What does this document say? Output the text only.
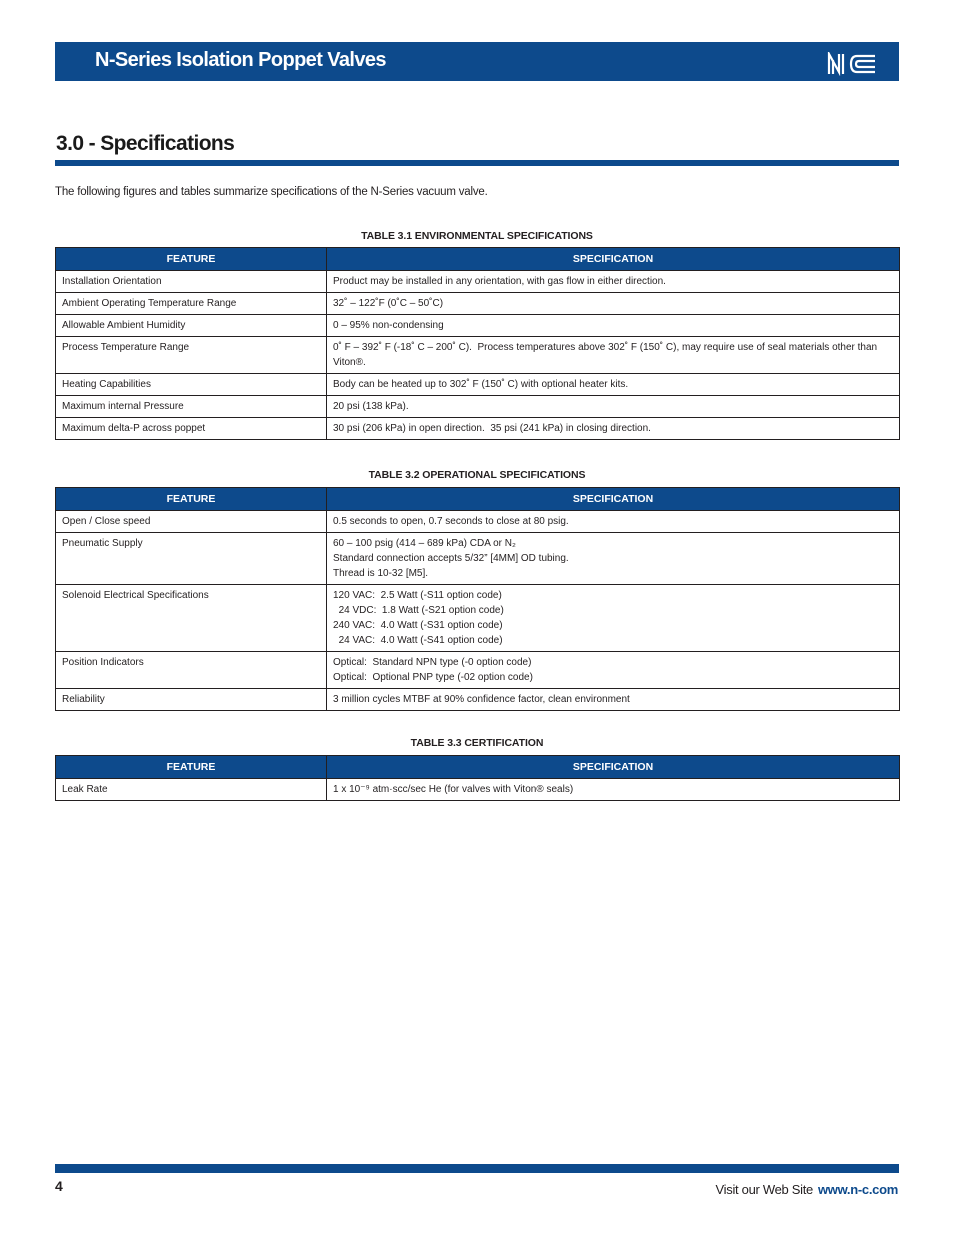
N-Series Isolation Poppet Valves
3.0 - Specifications
The following figures and tables summarize specifications of the N-Series vacuum valve.
TABLE 3.1 ENVIRONMENTAL SPECIFICATIONS
FEATURE	SPECIFICATION
Installation Orientation	Product may be installed in any orientation, with gas flow in either direction.

Ambient Operating Temperature Range	32˚ – 122˚F (0˚C – 50˚C)

Allowable Ambient Humidity	0 – 95% non-condensing

Process Temperature Range	0˚ F – 392˚ F (-18˚ C – 200˚ C).  Process temperatures above 302˚ F (150˚ C), may require use of seal materials other than Viton®.

Heating Capabilities	Body can be heated up to 302˚ F (150˚ C) with optional heater kits.

Maximum internal Pressure	20 psi (138 kPa).

Maximum delta-P across poppet	30 psi (206 kPa) in open direction.  35 psi (241 kPa) in closing direction.
TABLE 3.2 OPERATIONAL SPECIFICATIONS
FEATURE	SPECIFICATION
Open / Close speed	0.5 seconds to open, 0.7 seconds to close at 80 psig.

Pneumatic Supply	60 – 100 psig (414 – 689 kPa) CDA or N₂
Standard connection accepts 5/32” [4MM] OD tubing.
Thread is 10-32 [M5].

Solenoid Electrical Specifications	120 VAC:  2.5 Watt (-S11 option code)
24 VDC:  1.8 Watt (-S21 option code)
240 VAC:  4.0 Watt (-S31 option code)
24 VAC:  4.0 Watt (-S41 option code)

Position Indicators	Optical:  Standard NPN type (-0 option code)
Optical:  Optional PNP type (-02 option code)

Reliability	3 million cycles MTBF at 90% confidence factor, clean environment
TABLE 3.3 CERTIFICATION
FEATURE	SPECIFICATION
Leak Rate	1 x 10⁻⁹ atm·scc/sec He (for valves with Viton® seals)
4	Visit our Web Site www.n-c.com
